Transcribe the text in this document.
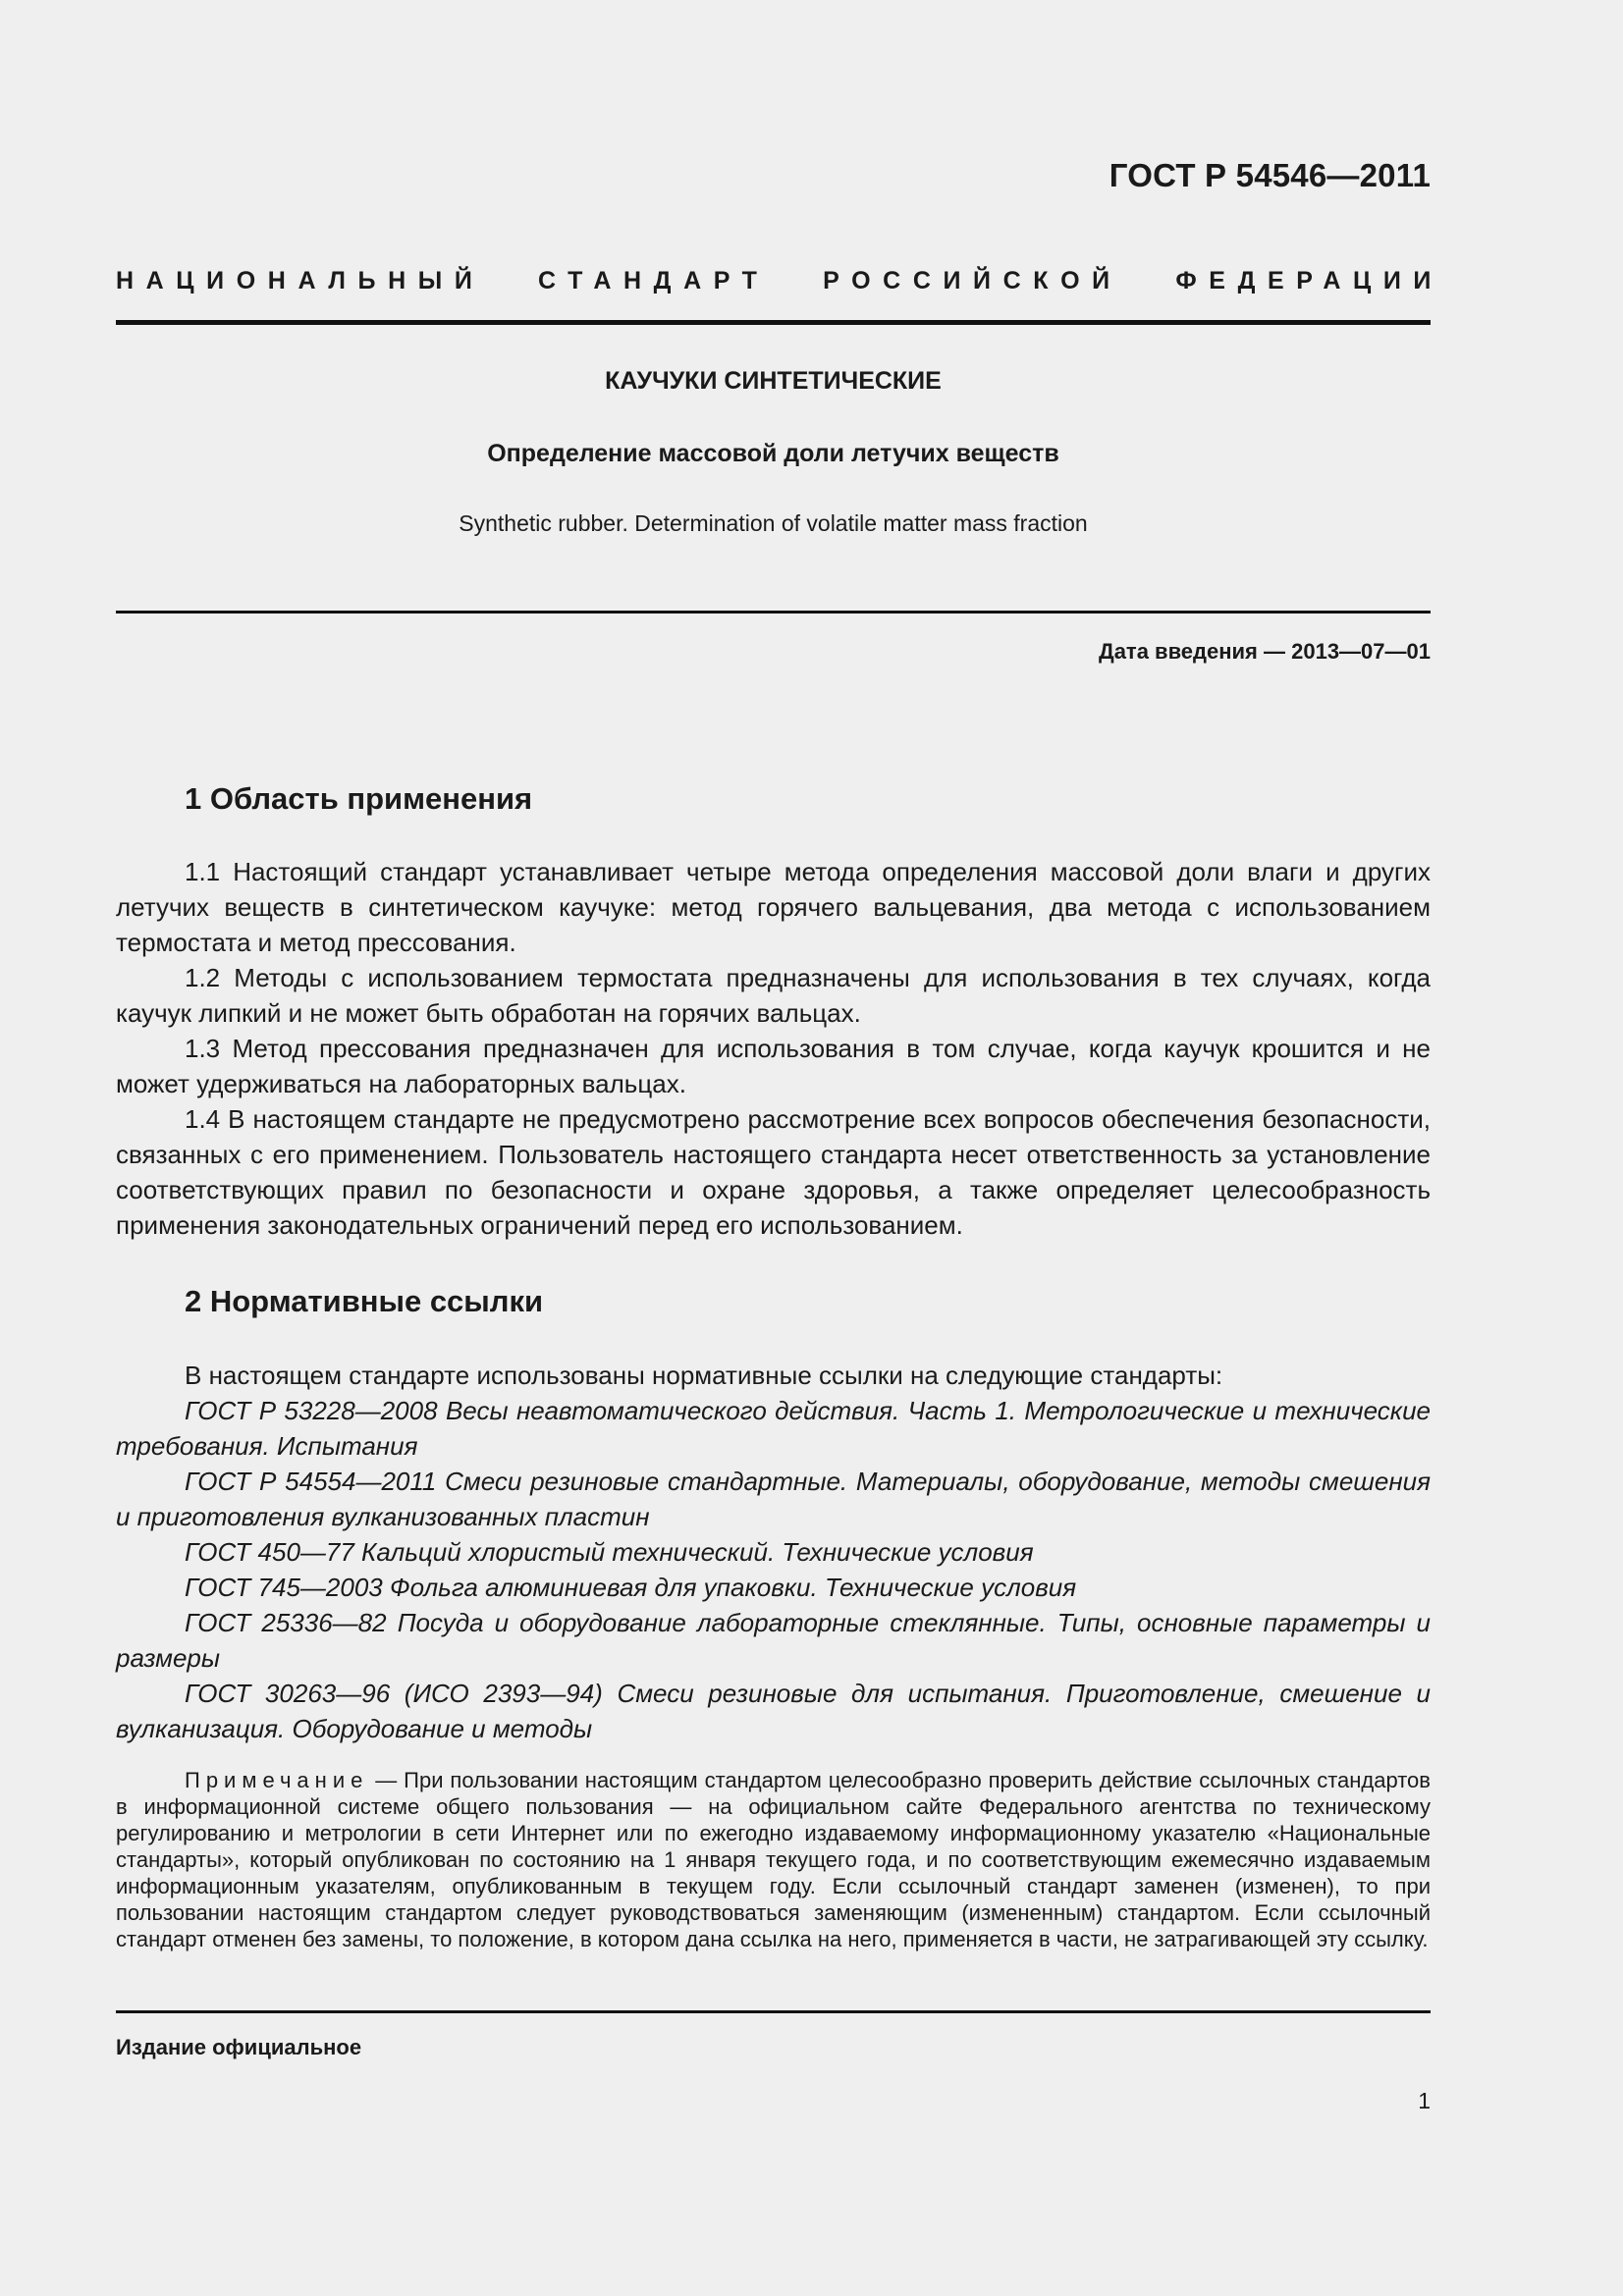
ГОСТ Р 54546—2011
НАЦИОНАЛЬНЫЙ СТАНДАРТ РОССИЙСКОЙ ФЕДЕРАЦИИ
КАУЧУКИ СИНТЕТИЧЕСКИЕ
Определение массовой доли летучих веществ
Synthetic rubber. Determination of volatile matter mass fraction
Дата введения — 2013—07—01
1 Область применения

1.1 Настоящий стандарт устанавливает четыре метода определения массовой доли влаги и других летучих веществ в синтетическом каучуке: метод горячего вальцевания, два метода с использованием термостата и метод прессования.

1.2 Методы с использованием термостата предназначены для использования в тех случаях, когда каучук липкий и не может быть обработан на горячих вальцах.

1.3 Метод прессования предназначен для использования в том случае, когда каучук крошится и не может удерживаться на лабораторных вальцах.

1.4 В настоящем стандарте не предусмотрено рассмотрение всех вопросов обеспечения безопасности, связанных с его применением. Пользователь настоящего стандарта несет ответственность за установление соответствующих правил по безопасности и охране здоровья, а также определяет целесообразность применения законодательных ограничений перед его использованием.

2 Нормативные ссылки

В настоящем стандарте использованы нормативные ссылки на следующие стандарты:

ГОСТ Р 53228—2008 Весы неавтоматического действия. Часть 1. Метрологические и технические требования. Испытания

ГОСТ Р 54554—2011 Смеси резиновые стандартные. Материалы, оборудование, методы смешения и приготовления вулканизованных пластин

ГОСТ 450—77 Кальций хлористый технический. Технические условия

ГОСТ 745—2003 Фольга алюминиевая для упаковки. Технические условия

ГОСТ 25336—82 Посуда и оборудование лабораторные стеклянные. Типы, основные параметры и размеры

ГОСТ 30263—96 (ИСО 2393—94) Смеси резиновые для испытания. Приготовление, смешение и вулканизация. Оборудование и методы

Примечание — При пользовании настоящим стандартом целесообразно проверить действие ссылочных стандартов в информационной системе общего пользования — на официальном сайте Федерального агентства по техническому регулированию и метрологии в сети Интернет или по ежегодно издаваемому информационному указателю «Национальные стандарты», который опубликован по состоянию на 1 января текущего года, и по соответствующим ежемесячно издаваемым информационным указателям, опубликованным в текущем году. Если ссылочный стандарт заменен (изменен), то при пользовании настоящим стандартом следует руководствоваться заменяющим (измененным) стандартом. Если ссылочный стандарт отменен без замены, то положение, в котором дана ссылка на него, применяется в части, не затрагивающей эту ссылку.

Издание официальное
1
